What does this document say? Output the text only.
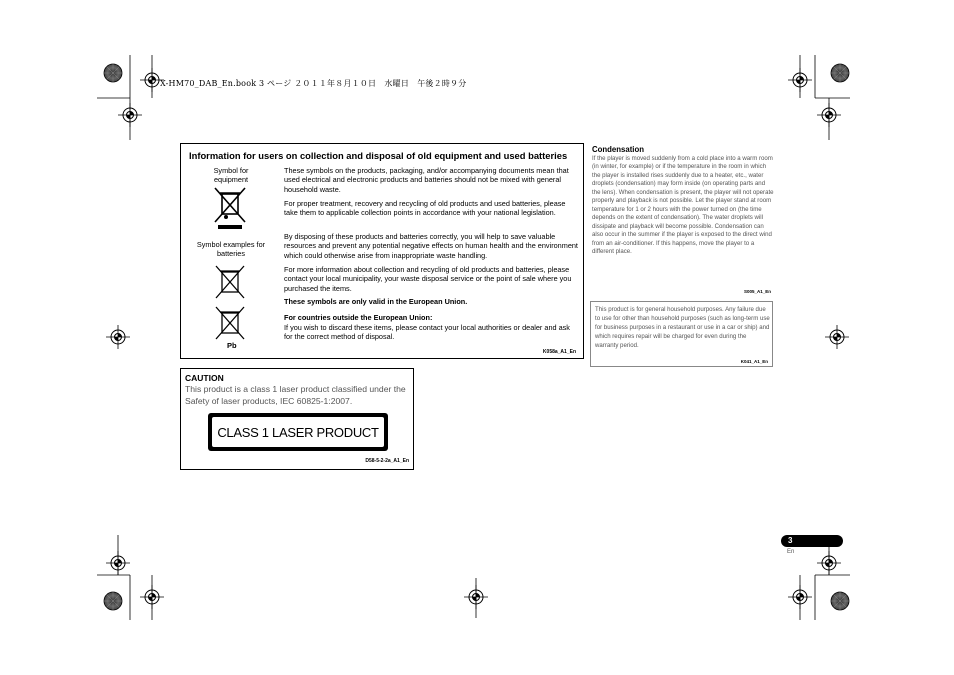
X-HM70_DAB_En.book 3 ページ ２０１１年８月１０日　水曜日　午後２時９分
Information for users on collection and disposal of old equipment and used batteries
Symbol for equipment
Symbol examples for batteries
Pb
These symbols on the products, packaging, and/or accompanying documents mean that used electrical and electronic products and batteries should not be mixed with general household waste.
For proper treatment, recovery and recycling of old products and used batteries, please take them to applicable collection points in accordance with your national legislation.
By disposing of these products and batteries correctly, you will help to save valuable resources and prevent any potential negative effects on human health and the environment which could otherwise arise from inappropriate waste handling.
For more information about collection and recycling of old products and batteries, please contact your local municipality, your waste disposal service or the point of sale where you purchased the items.
These symbols are only valid in the European Union.
For countries outside the European Union:
If you wish to discard these items, please contact your local authorities or dealer and ask for the correct method of disposal.
K058a_A1_En
CAUTION
This product is a class 1 laser product classified under the Safety of laser products, IEC 60825-1:2007.
CLASS 1 LASER PRODUCT
D58-5-2-2a_A1_En
Condensation
If the player is moved suddenly from a cold place into a warm room (in winter, for example) or if the temperature in the room in which the player is installed rises suddenly due to a heater, etc., water droplets (condensation) may form inside (on operating parts and the lens). When condensation is present, the player will not operate properly and playback is not possible. Let the player stand at room temperature for 1 or 2 hours with the power turned on (the time depends on the extent of condensation). The water droplets will dissipate and playback will become possible. Condensation can also occur in the summer if the player is exposed to the direct wind from an air-conditioner. If this happens, move the player to a different place.
S005_A1_En
This product is for general household purposes. Any failure due to use for other than household purposes (such as long-term use for business purposes in a restaurant or use in a car or ship) and which requires repair will be charged for even during the warranty period.
K041_A1_En
3
En
